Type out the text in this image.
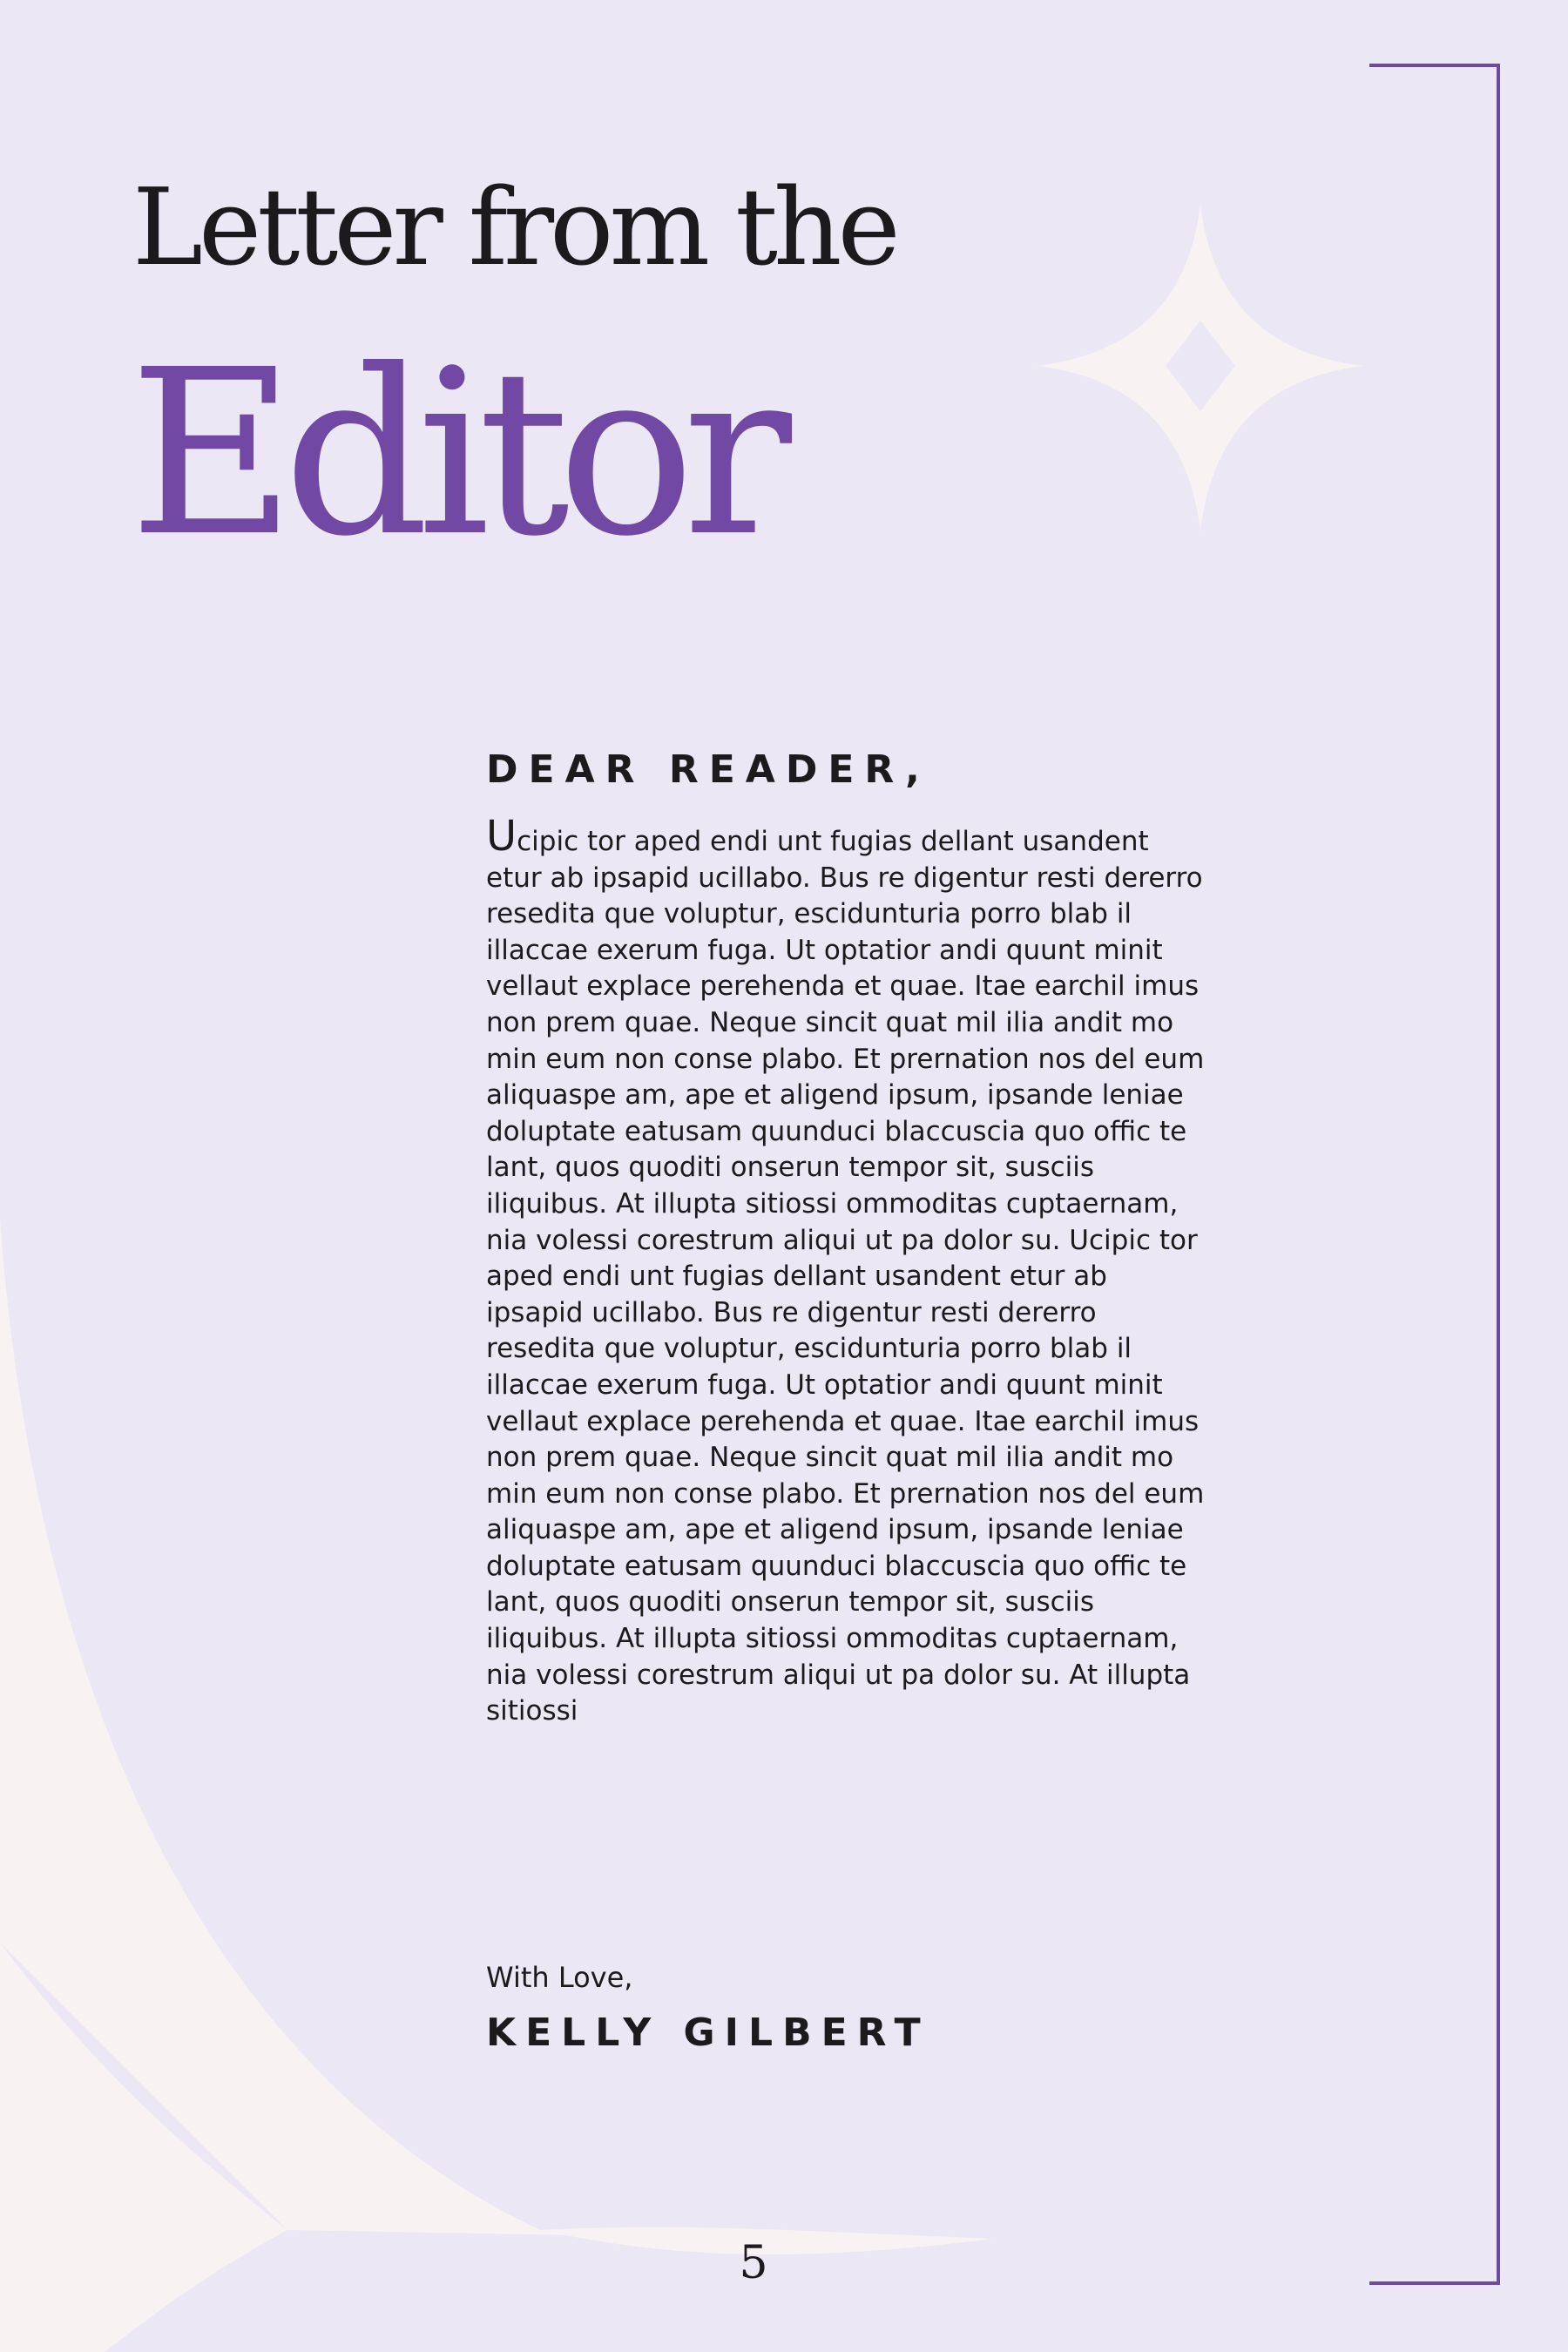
Letter from the
Editor
DEAR READER,

Ucipic tor aped endi unt fugias dellant usandent etur ab ipsapid ucillabo. Bus re digentur resti dererro resedita que voluptur, escidunturia porro blab il illaccae exerum fuga. Ut optatior andi quunt minit vellaut explace perehenda et quae. Itae earchil imus non prem quae. Neque sincit quat mil ilia andit mo min eum non conse plabo. Et prernation nos del eum aliquaspe am, ape et aligend ipsum, ipsande leniae doluptate eatusam quunduci blaccuscia quo offic te lant, quos quoditi onserun tempor sit, susciis iliquibus. At illupta sitiossi ommoditas cuptaernam, nia volessi corestrum aliqui ut pa dolor su. Ucipic tor aped endi unt fugias dellant usandent etur ab ipsapid ucillabo. Bus re digentur resti dererro resedita que voluptur, escidunturia porro blab il illaccae exerum fuga. Ut optatior andi quunt minit vellaut explace perehenda et quae. Itae earchil imus non prem quae. Neque sincit quat mil ilia andit mo min eum non conse plabo. Et prernation nos del eum aliquaspe am, ape et aligend ipsum, ipsande leniae doluptate eatusam quunduci blaccuscia quo offic te lant, quos quoditi onserun tempor sit, susciis iliquibus. At illupta sitiossi ommoditas cuptaernam, nia volessi corestrum aliqui ut pa dolor su. At illupta sitiossi

With Love,
KELLY GILBERT
5
